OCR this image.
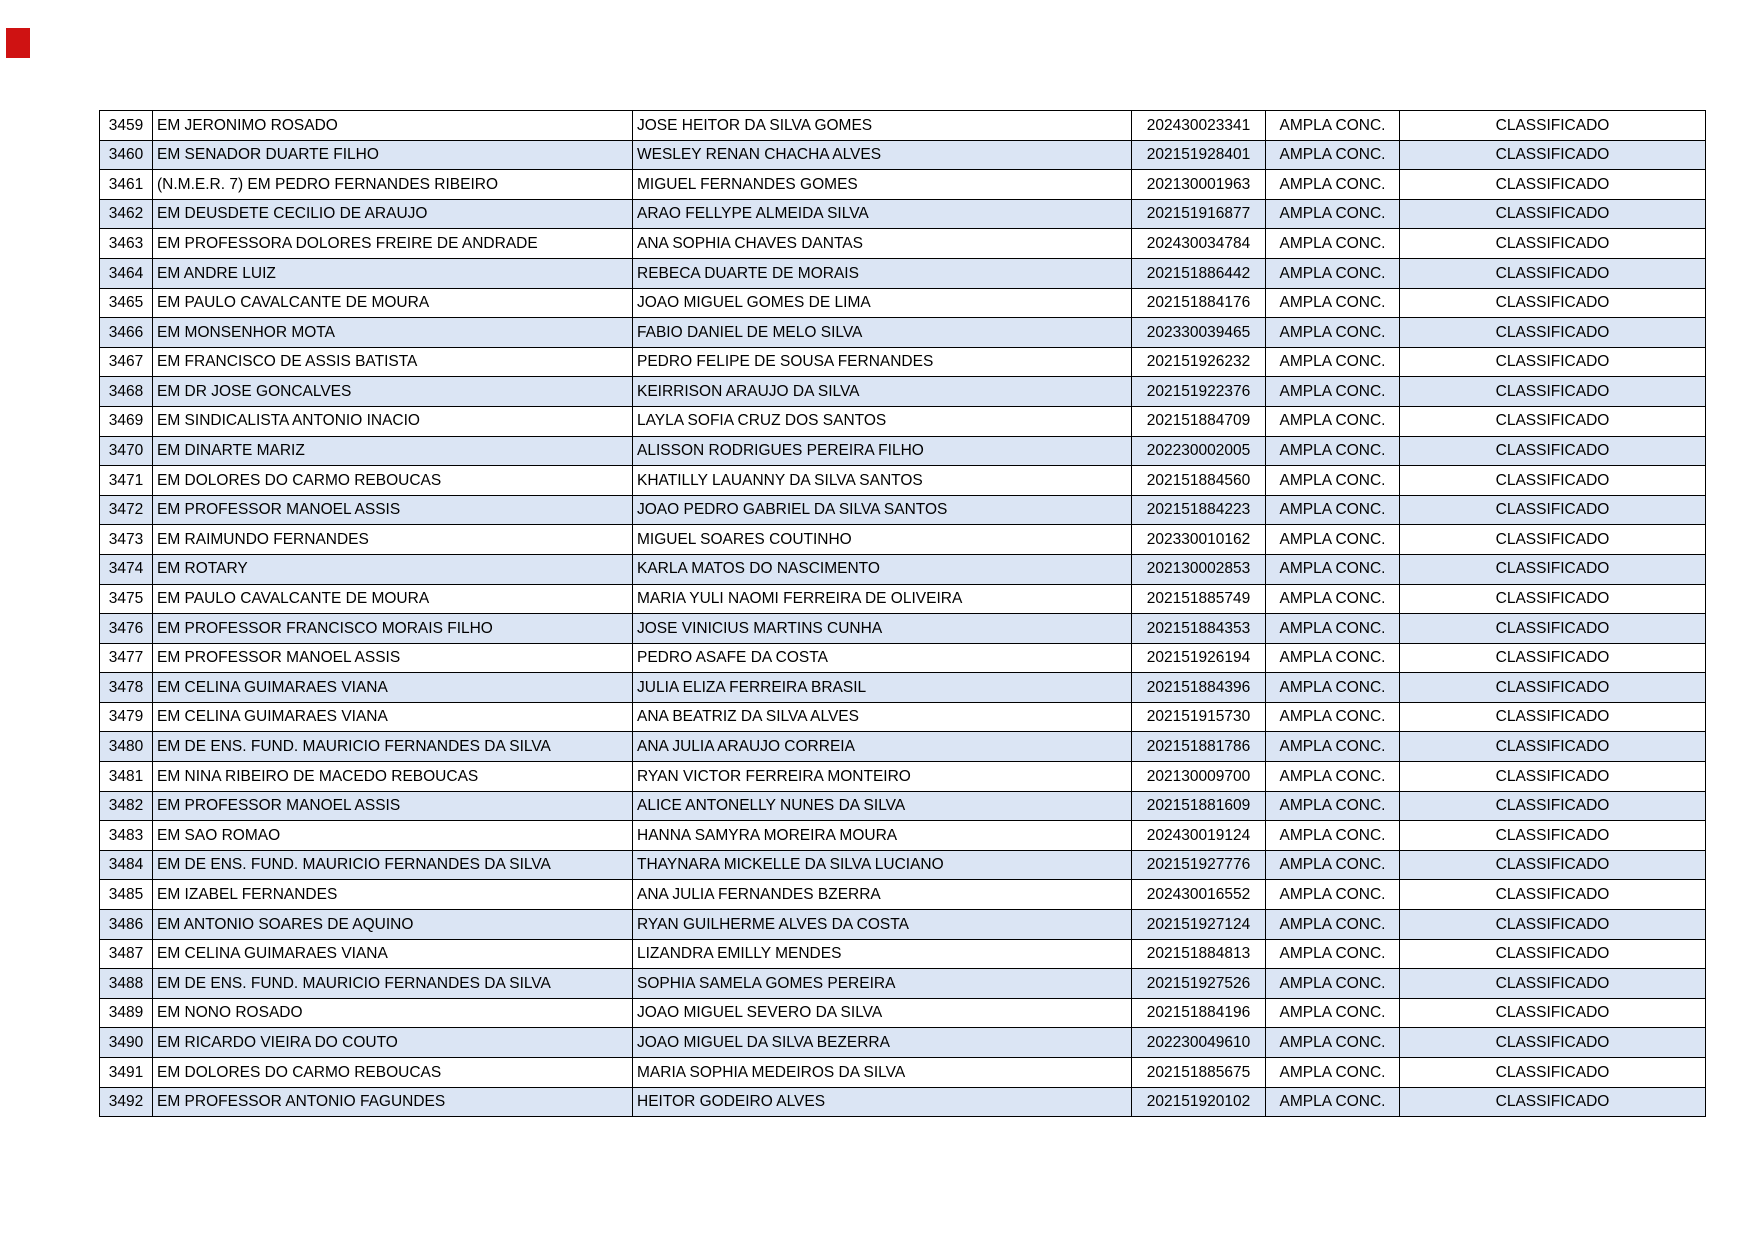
3459	EM JERONIMO ROSADO	JOSE HEITOR DA SILVA GOMES	202430023341	AMPLA CONC.	CLASSIFICADO
3460	EM SENADOR DUARTE FILHO	WESLEY RENAN CHACHA ALVES	202151928401	AMPLA CONC.	CLASSIFICADO
3461	(N.M.E.R. 7) EM PEDRO FERNANDES RIBEIRO	MIGUEL FERNANDES GOMES	202130001963	AMPLA CONC.	CLASSIFICADO
3462	EM DEUSDETE CECILIO DE ARAUJO	ARAO FELLYPE ALMEIDA SILVA	202151916877	AMPLA CONC.	CLASSIFICADO
3463	EM PROFESSORA DOLORES FREIRE DE ANDRADE	ANA SOPHIA CHAVES DANTAS	202430034784	AMPLA CONC.	CLASSIFICADO
3464	EM ANDRE LUIZ	REBECA DUARTE DE MORAIS	202151886442	AMPLA CONC.	CLASSIFICADO
3465	EM PAULO CAVALCANTE DE MOURA	JOAO MIGUEL GOMES DE LIMA	202151884176	AMPLA CONC.	CLASSIFICADO
3466	EM MONSENHOR MOTA	FABIO DANIEL DE MELO SILVA	202330039465	AMPLA CONC.	CLASSIFICADO
3467	EM FRANCISCO DE ASSIS BATISTA	PEDRO FELIPE DE SOUSA FERNANDES	202151926232	AMPLA CONC.	CLASSIFICADO
3468	EM DR JOSE GONCALVES	KEIRRISON ARAUJO DA SILVA	202151922376	AMPLA CONC.	CLASSIFICADO
3469	EM SINDICALISTA ANTONIO INACIO	LAYLA SOFIA CRUZ DOS SANTOS	202151884709	AMPLA CONC.	CLASSIFICADO
3470	EM DINARTE MARIZ	ALISSON RODRIGUES PEREIRA FILHO	202230002005	AMPLA CONC.	CLASSIFICADO
3471	EM DOLORES DO CARMO REBOUCAS	KHATILLY LAUANNY DA SILVA SANTOS	202151884560	AMPLA CONC.	CLASSIFICADO
3472	EM PROFESSOR MANOEL ASSIS	JOAO PEDRO GABRIEL DA SILVA SANTOS	202151884223	AMPLA CONC.	CLASSIFICADO
3473	EM RAIMUNDO FERNANDES	MIGUEL SOARES COUTINHO	202330010162	AMPLA CONC.	CLASSIFICADO
3474	EM ROTARY	KARLA MATOS DO NASCIMENTO	202130002853	AMPLA CONC.	CLASSIFICADO
3475	EM PAULO CAVALCANTE DE MOURA	MARIA YULI NAOMI FERREIRA DE OLIVEIRA	202151885749	AMPLA CONC.	CLASSIFICADO
3476	EM PROFESSOR FRANCISCO MORAIS FILHO	JOSE VINICIUS MARTINS CUNHA	202151884353	AMPLA CONC.	CLASSIFICADO
3477	EM PROFESSOR MANOEL ASSIS	PEDRO ASAFE DA COSTA	202151926194	AMPLA CONC.	CLASSIFICADO
3478	EM CELINA GUIMARAES VIANA	JULIA ELIZA FERREIRA BRASIL	202151884396	AMPLA CONC.	CLASSIFICADO
3479	EM CELINA GUIMARAES VIANA	ANA BEATRIZ DA SILVA ALVES	202151915730	AMPLA CONC.	CLASSIFICADO
3480	EM DE ENS. FUND. MAURICIO FERNANDES DA SILVA	ANA JULIA ARAUJO CORREIA	202151881786	AMPLA CONC.	CLASSIFICADO
3481	EM NINA RIBEIRO DE MACEDO REBOUCAS	RYAN VICTOR FERREIRA MONTEIRO	202130009700	AMPLA CONC.	CLASSIFICADO
3482	EM PROFESSOR MANOEL ASSIS	ALICE ANTONELLY NUNES DA SILVA	202151881609	AMPLA CONC.	CLASSIFICADO
3483	EM SAO ROMAO	HANNA SAMYRA MOREIRA MOURA	202430019124	AMPLA CONC.	CLASSIFICADO
3484	EM DE ENS. FUND. MAURICIO FERNANDES DA SILVA	THAYNARA MICKELLE DA SILVA LUCIANO	202151927776	AMPLA CONC.	CLASSIFICADO
3485	EM IZABEL FERNANDES	ANA JULIA FERNANDES BZERRA	202430016552	AMPLA CONC.	CLASSIFICADO
3486	EM ANTONIO SOARES DE AQUINO	RYAN GUILHERME ALVES DA COSTA	202151927124	AMPLA CONC.	CLASSIFICADO
3487	EM CELINA GUIMARAES VIANA	LIZANDRA EMILLY MENDES	202151884813	AMPLA CONC.	CLASSIFICADO
3488	EM DE ENS. FUND. MAURICIO FERNANDES DA SILVA	SOPHIA SAMELA GOMES PEREIRA	202151927526	AMPLA CONC.	CLASSIFICADO
3489	EM NONO ROSADO	JOAO MIGUEL SEVERO DA SILVA	202151884196	AMPLA CONC.	CLASSIFICADO
3490	EM RICARDO VIEIRA DO COUTO	JOAO MIGUEL DA SILVA BEZERRA	202230049610	AMPLA CONC.	CLASSIFICADO
3491	EM DOLORES DO CARMO REBOUCAS	MARIA SOPHIA MEDEIROS DA SILVA	202151885675	AMPLA CONC.	CLASSIFICADO
3492	EM PROFESSOR ANTONIO FAGUNDES	HEITOR GODEIRO ALVES	202151920102	AMPLA CONC.	CLASSIFICADO
